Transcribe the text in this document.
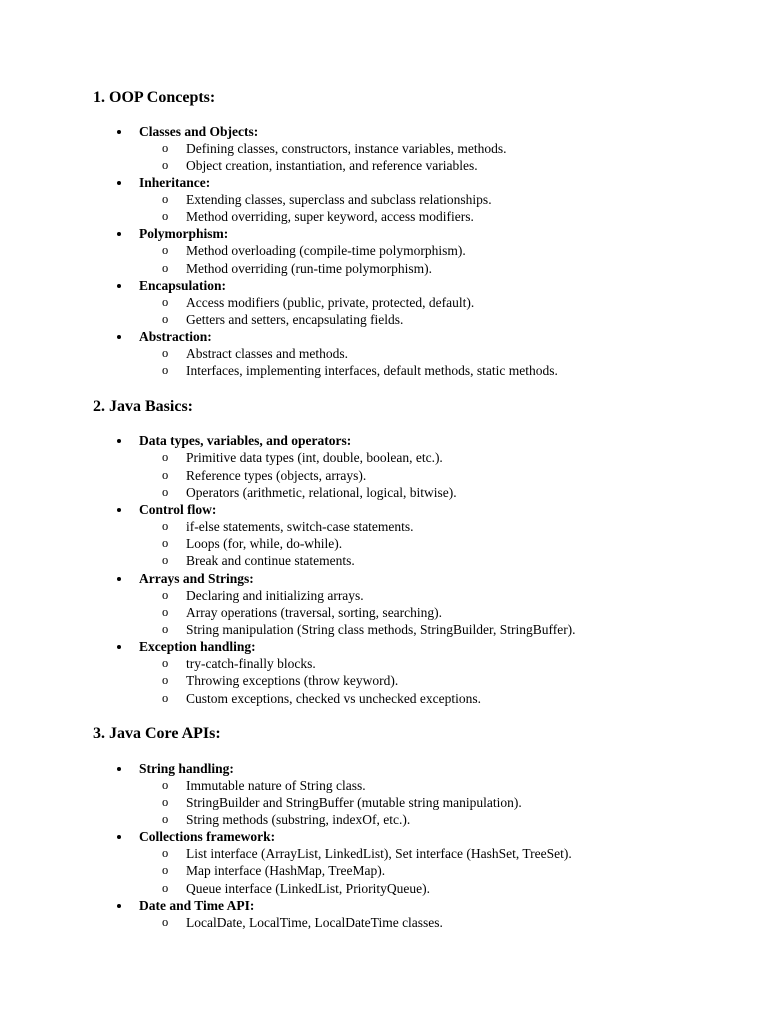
1. OOP Concepts:
Classes and Objects:
o Defining classes, constructors, instance variables, methods.
o Object creation, instantiation, and reference variables.
Inheritance:
o Extending classes, superclass and subclass relationships.
o Method overriding, super keyword, access modifiers.
Polymorphism:
o Method overloading (compile-time polymorphism).
o Method overriding (run-time polymorphism).
Encapsulation:
o Access modifiers (public, private, protected, default).
o Getters and setters, encapsulating fields.
Abstraction:
o Abstract classes and methods.
o Interfaces, implementing interfaces, default methods, static methods.
2. Java Basics:
Data types, variables, and operators:
o Primitive data types (int, double, boolean, etc.).
o Reference types (objects, arrays).
o Operators (arithmetic, relational, logical, bitwise).
Control flow:
o if-else statements, switch-case statements.
o Loops (for, while, do-while).
o Break and continue statements.
Arrays and Strings:
o Declaring and initializing arrays.
o Array operations (traversal, sorting, searching).
o String manipulation (String class methods, StringBuilder, StringBuffer).
Exception handling:
o try-catch-finally blocks.
o Throwing exceptions (throw keyword).
o Custom exceptions, checked vs unchecked exceptions.
3. Java Core APIs:
String handling:
o Immutable nature of String class.
o StringBuilder and StringBuffer (mutable string manipulation).
o String methods (substring, indexOf, etc.).
Collections framework:
o List interface (ArrayList, LinkedList), Set interface (HashSet, TreeSet).
o Map interface (HashMap, TreeMap).
o Queue interface (LinkedList, PriorityQueue).
Date and Time API:
o LocalDate, LocalTime, LocalDateTime classes.
